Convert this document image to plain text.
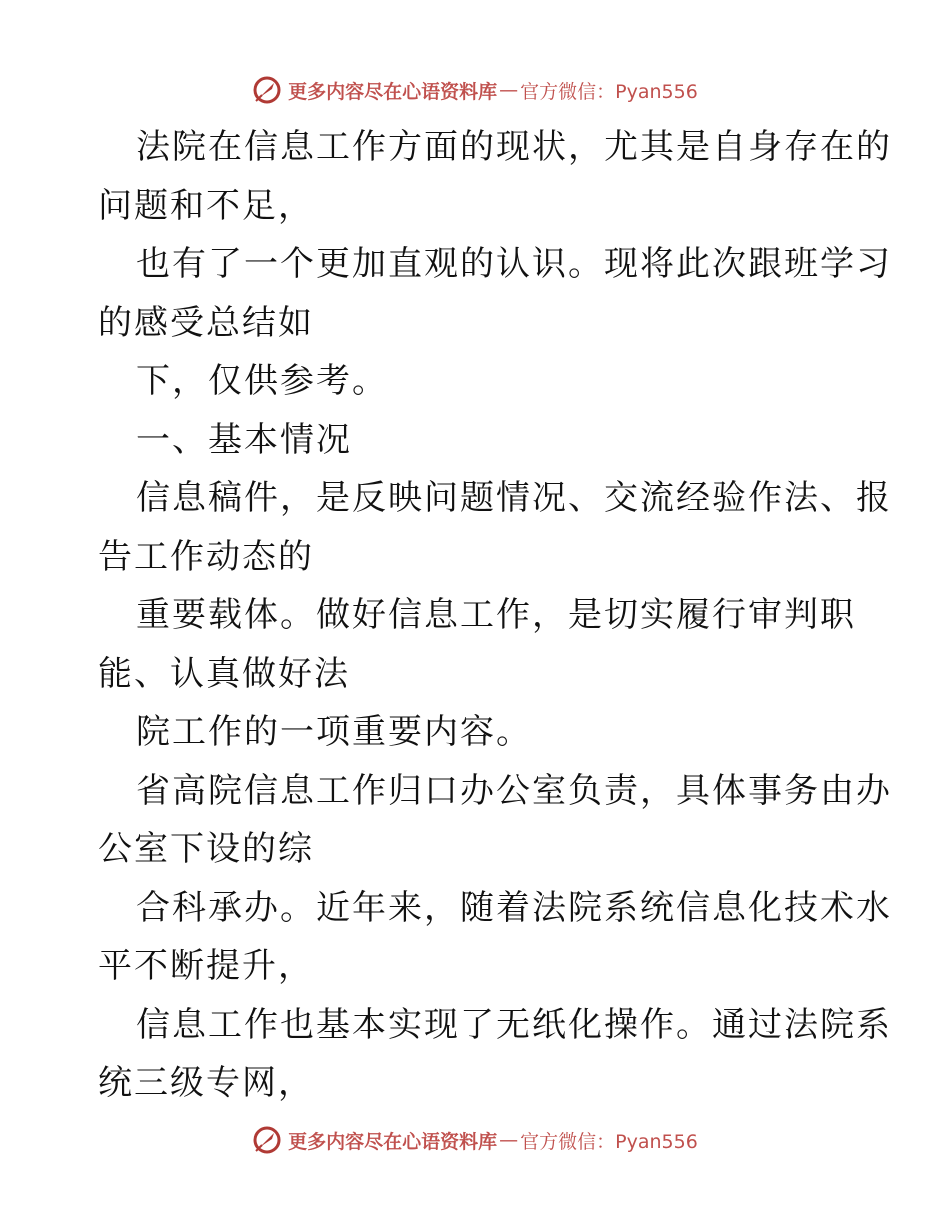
更多内容尽在心语资料库 — 官方微信：Pyan556
法院在信息工作方面的现状，尤其是自身存在的
问题和不足，
也有了一个更加直观的认识。现将此次跟班学习
的感受总结如
下，仅供参考。
一、基本情况
信息稿件，是反映问题情况、交流经验作法、报
告工作动态的
重要载体。做好信息工作，是切实履行审判职
能、认真做好法
院工作的一项重要内容。
省高院信息工作归口办公室负责，具体事务由办
公室下设的综
合科承办。近年来，随着法院系统信息化技术水
平不断提升，
信息工作也基本实现了无纸化操作。通过法院系
统三级专网，
更多内容尽在心语资料库 — 官方微信：Pyan556
